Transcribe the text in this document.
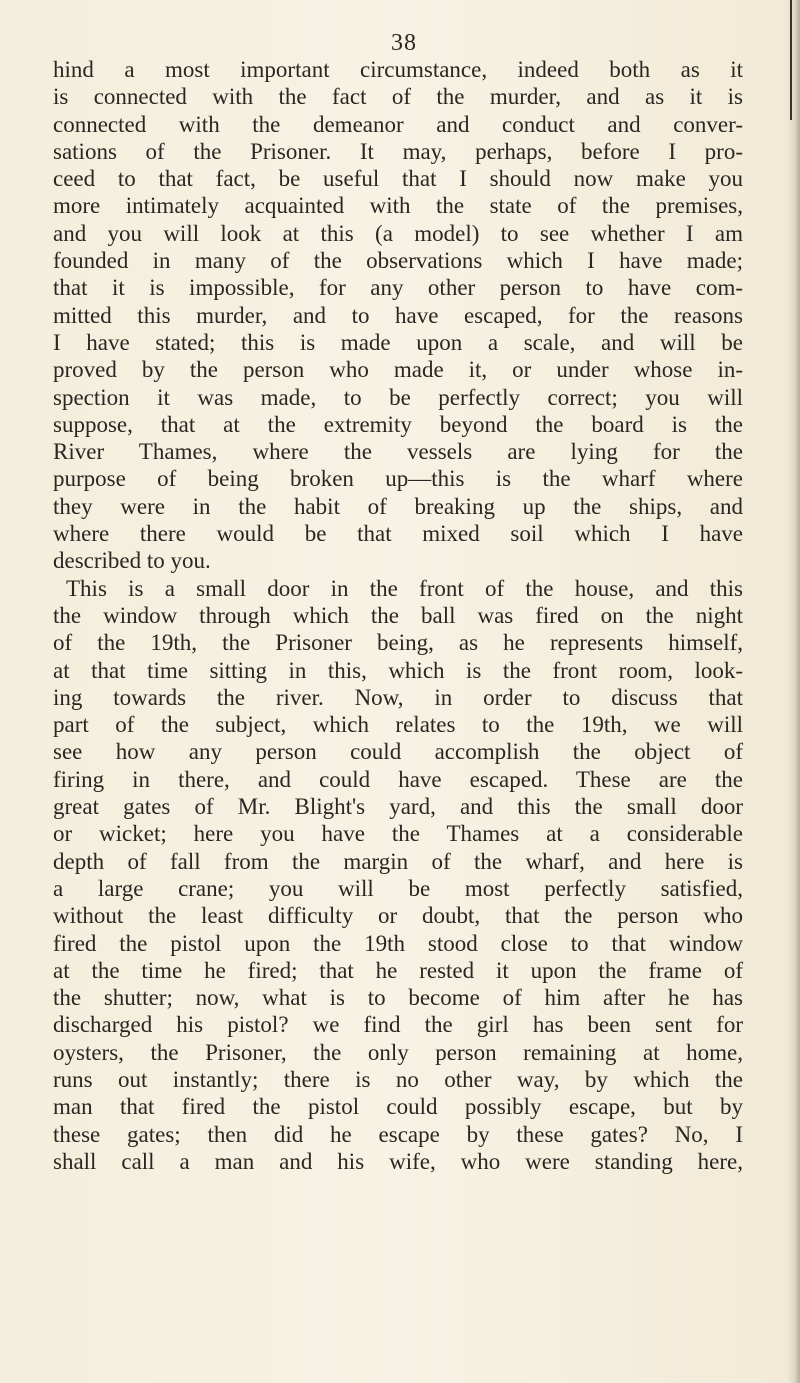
38
hind a most important circumstance, indeed both as it
is connected with the fact of the murder, and as it is
connected with the demeanor and conduct and conver-
sations of the Prisoner. It may, perhaps, before I pro-
ceed to that fact, be useful that I should now make you
more intimately acquainted with the state of the premises,
and you will look at this (a model) to see whether I am
founded in many of the observations which I have made;
that it is impossible, for any other person to have com-
mitted this murder, and to have escaped, for the reasons
I have stated; this is made upon a scale, and will be
proved by the person who made it, or under whose in-
spection it was made, to be perfectly correct; you will
suppose, that at the extremity beyond the board is the
River Thames, where the vessels are lying for the
purpose of being broken up—this is the wharf where
they were in the habit of breaking up the ships, and
where there would be that mixed soil which I have
described to you.
This is a small door in the front of the house, and this
the window through which the ball was fired on the night
of the 19th, the Prisoner being, as he represents himself,
at that time sitting in this, which is the front room, look-
ing towards the river. Now, in order to discuss that
part of the subject, which relates to the 19th, we will
see how any person could accomplish the object of
firing in there, and could have escaped. These are the
great gates of Mr. Blight's yard, and this the small door
or wicket; here you have the Thames at a considerable
depth of fall from the margin of the wharf, and here is
a large crane; you will be most perfectly satisfied,
without the least difficulty or doubt, that the person who
fired the pistol upon the 19th stood close to that window
at the time he fired; that he rested it upon the frame of
the shutter; now, what is to become of him after he has
discharged his pistol? we find the girl has been sent for
oysters, the Prisoner, the only person remaining at home,
runs out instantly; there is no other way, by which the
man that fired the pistol could possibly escape, but by
these gates; then did he escape by these gates? No, I
shall call a man and his wife, who were standing here,
